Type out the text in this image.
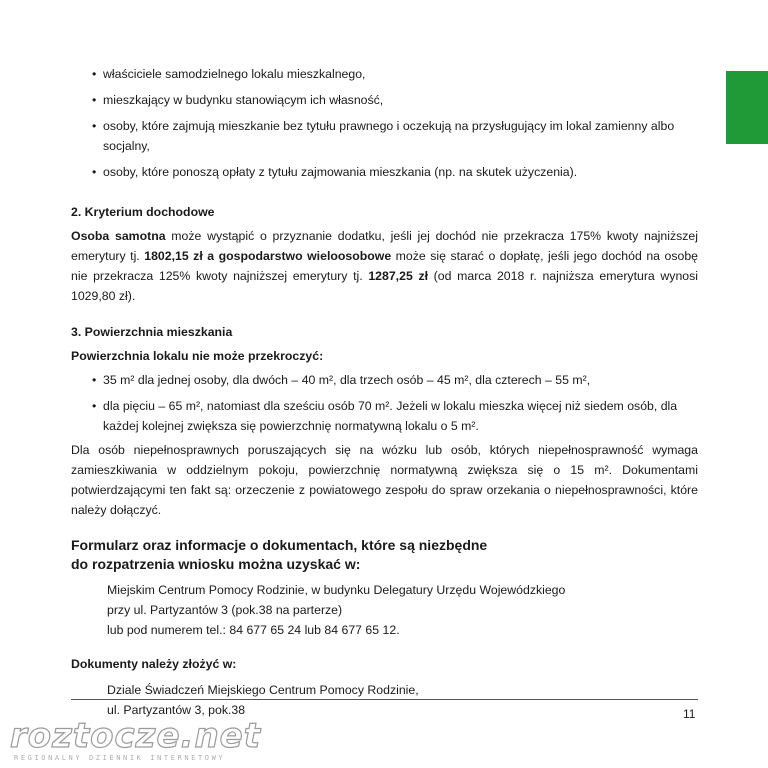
• właściciele samodzielnego lokalu mieszkalnego,
• mieszkający w budynku stanowiącym ich własność,
• osoby, które zajmują mieszkanie bez tytułu prawnego i oczekują na przysługujący im lokal zamienny albo socjalny,
• osoby, które ponoszą opłaty z tytułu zajmowania mieszkania (np. na skutek użyczenia).

2. Kryterium dochodowe

Osoba samotna może wystąpić o przyznanie dodatku, jeśli jej dochód nie przekracza 175% kwoty najniższej emerytury tj. 1802,15 zł a gospodarstwo wieloosobowe może się starać o dopłatę, jeśli jego dochód na osobę nie przekracza 125% kwoty najniższej emerytury tj. 1287,25 zł (od marca 2018 r. najniższa emerytura wynosi 1029,80 zł).

3. Powierzchnia mieszkania

Powierzchnia lokalu nie może przekroczyć:

• 35 m² dla jednej osoby, dla dwóch – 40 m², dla trzech osób – 45 m², dla czterech – 55 m²,
• dla pięciu – 65 m², natomiast dla sześciu osób 70 m². Jeżeli w lokalu mieszka więcej niż siedem osób, dla każdej kolejnej zwiększa się powierzchnię normatywną lokalu o 5 m².

Dla osób niepełnosprawnych poruszających się na wózku lub osób, których niepełnosprawność wymaga zamieszkiwania w oddzielnym pokoju, powierzchnię normatywną zwiększa się o 15 m². Dokumentami potwierdzającymi ten fakt są: orzeczenie z powiatowego zespołu do spraw orzekania o niepełnosprawności, które należy dołączyć.

Formularz oraz informacje o dokumentach, które są niezbędne

do rozpatrzenia wniosku można uzyskać w:

Miejskim Centrum Pomocy Rodzinie, w budynku Delegatury Urzędu Wojewódzkiego

przy ul. Partyzantów 3 (pok.38 na parterze)

lub pod numerem tel.: 84 677 65 24 lub 84 677 65 12.

Dokumenty należy złożyć w:

Dziale Świadczeń Miejskiego Centrum Pomocy Rodzinie,

ul. Partyzantów 3, pok.38	11
roztocze.net
REGIONALNY DZIENNIK INTERNETOWY
